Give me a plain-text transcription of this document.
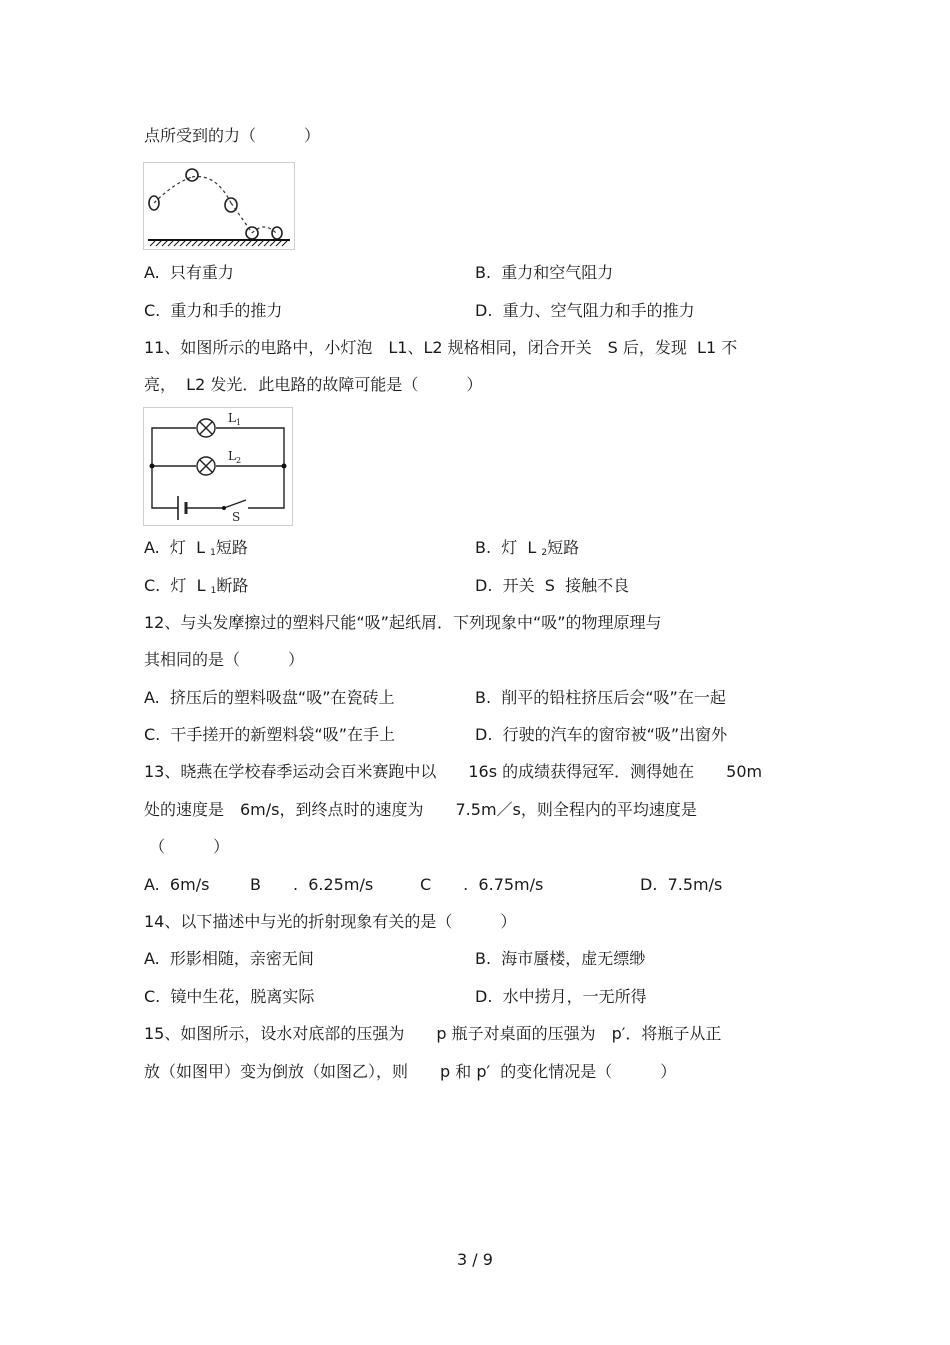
点所受到的力（　　　）
A.  只有重力	B.  重力和空气阻力
C.  重力和手的推力	D.  重力、空气阻力和手的推力
11、如图所示的电路中，小灯泡　L1、L2 规格相同，闭合开关　S 后，发现  L1 不
亮，  L2 发光．此电路的故障可能是（　　　）
$L_1$
$L_2$
S
A.  灯  L $_1$短路	B.  灯  L $_2$短路
C.  灯  L $_1$断路	D.  开关  S  接触不良
12、与头发摩擦过的塑料尺能“吸”起纸屑．下列现象中“吸”的物理原理与
其相同的是（　　　）
A.  挤压后的塑料吸盘“吸”在瓷砖上	B.  削平的铅柱挤压后会“吸”在一起
C.  干手搓开的新塑料袋“吸”在手上	D.  行驶的汽车的窗帘被“吸”出窗外
13、晓燕在学校春季运动会百米赛跑中以　　16s 的成绩获得冠军．测得她在　　50m
处的速度是　6m/s，到终点时的速度为　　7.5m／s，则全程内的平均速度是
（　　　）
A.  6m/s	B　　.  6.25m/s	C　　.  6.75m/s	D.  7.5m/s
14、以下描述中与光的折射现象有关的是（　　　）
A.  形影相随，亲密无间	B.  海市蜃楼，虚无缥缈
C.  镜中生花，脱离实际	D.  水中捞月，一无所得
15、如图所示，设水对底部的压强为　　p 瓶子对桌面的压强为　p′．将瓶子从正
放（如图甲）变为倒放（如图乙），则　　p 和 p′  的变化情况是（　　　）
3 / 9
